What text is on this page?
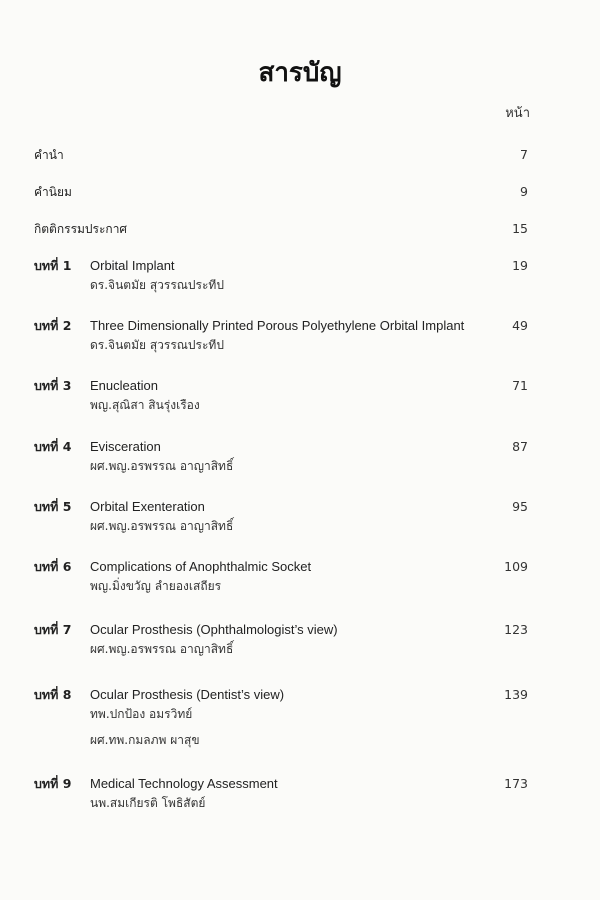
สารบัญ
หน้า
คำนำ	7
คำนิยม	9
กิตติกรรมประกาศ	15
บทที่ 1 Orbital Implant	19
ดร.จินตมัย สุวรรณประทีป
บทที่ 2 Three Dimensionally Printed Porous Polyethylene Orbital Implant	49
ดร.จินตมัย สุวรรณประทีป
บทที่ 3 Enucleation	71
พญ.สุณิสา สินรุ่งเรือง
บทที่ 4 Evisceration	87
ผศ.พญ.อรพรรณ อาญาสิทธิ์
บทที่ 5 Orbital Exenteration	95
ผศ.พญ.อรพรรณ อาญาสิทธิ์
บทที่ 6 Complications of Anophthalmic Socket	109
พญ.มิ่งขวัญ ลำยองเสถียร
บทที่ 7 Ocular Prosthesis (Ophthalmologist’s view)	123
ผศ.พญ.อรพรรณ อาญาสิทธิ์
บทที่ 8 Ocular Prosthesis (Dentist’s view)	139
ทพ.ปกป้อง อมรวิทย์
ผศ.ทพ.กมลภพ ผาสุข
บทที่ 9 Medical Technology Assessment	173
นพ.สมเกียรติ โพธิสัตย์
